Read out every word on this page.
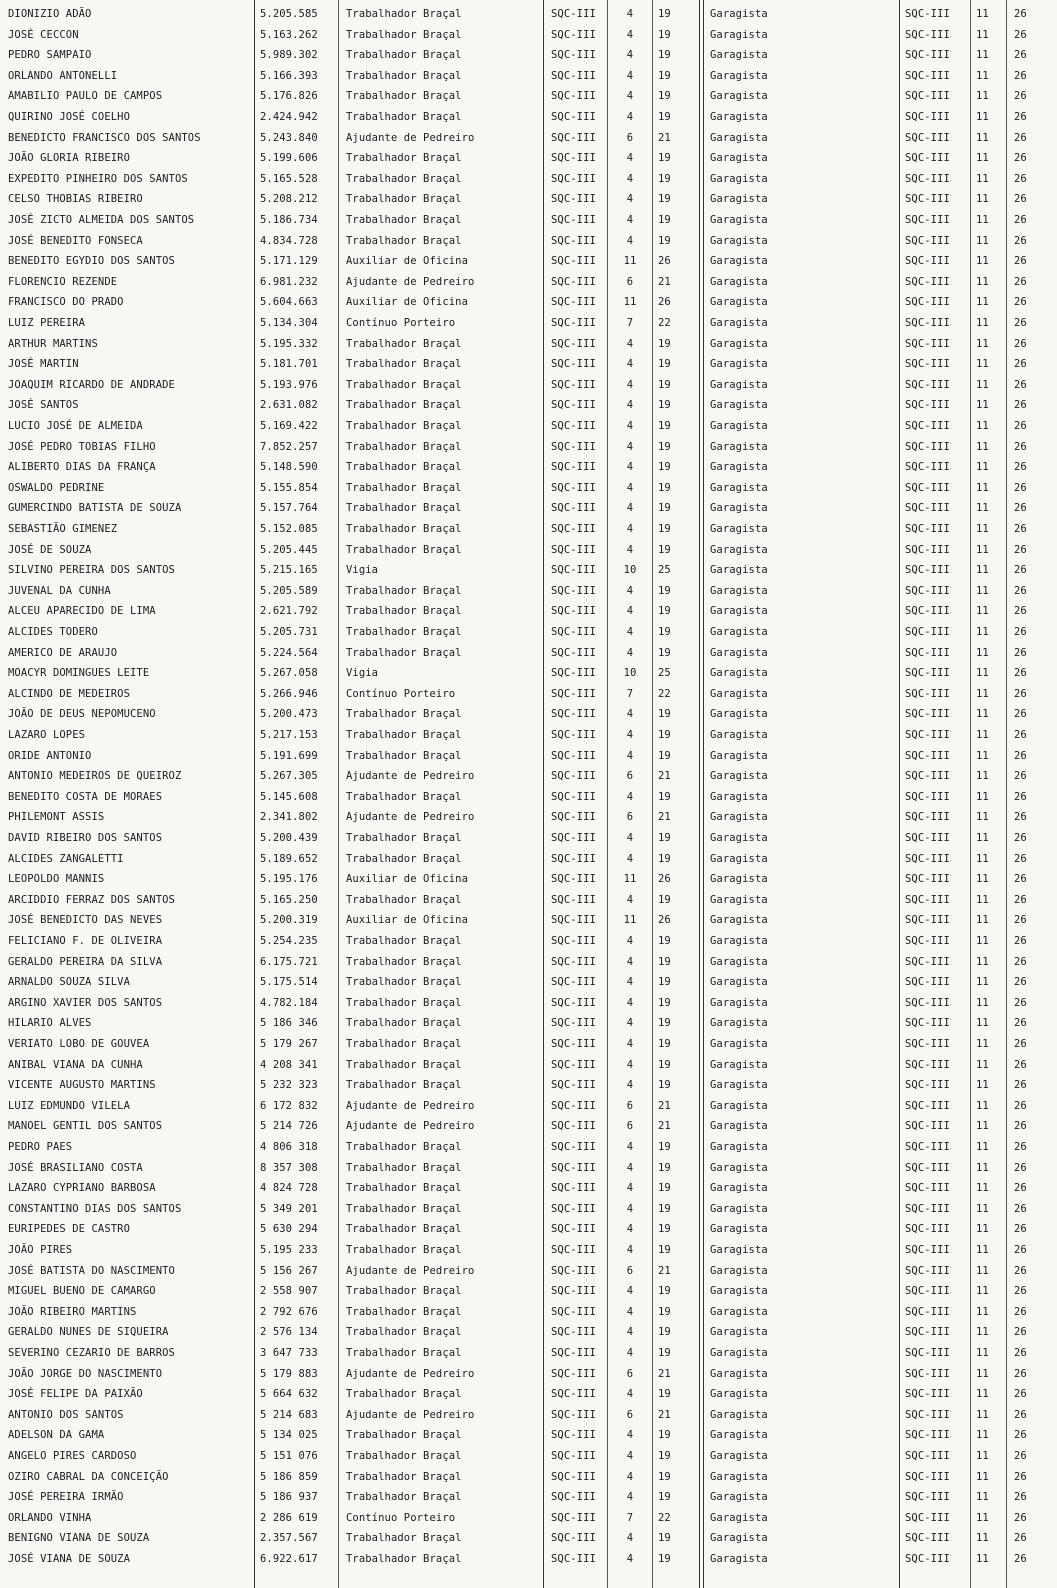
DIONIZIO ADÃO	5.205.585	Trabalhador Braçal	SQC-III	4	19	Garagista	SQC-III	11	26
JOSÉ CECCON	5.163.262	Trabalhador Braçal	SQC-III	4	19	Garagista	SQC-III	11	26
PEDRO SAMPAIO	5.989.302	Trabalhador Braçal	SQC-III	4	19	Garagista	SQC-III	11	26
ORLANDO ANTONELLI	5.166.393	Trabalhador Braçal	SQC-III	4	19	Garagista	SQC-III	11	26
AMABILIO PAULO DE CAMPOS	5.176.826	Trabalhador Braçal	SQC-III	4	19	Garagista	SQC-III	11	26
QUIRINO JOSÉ COELHO	2.424.942	Trabalhador Braçal	SQC-III	4	19	Garagista	SQC-III	11	26
BENEDICTO FRANCISCO DOS SANTOS	5.243.840	Ajudante de Pedreiro	SQC-III	6	21	Garagista	SQC-III	11	26
JOÃO GLORIA RIBEIRO	5.199.606	Trabalhador Braçal	SQC-III	4	19	Garagista	SQC-III	11	26
EXPEDITO PINHEIRO DOS SANTOS	5.165.528	Trabalhador Braçal	SQC-III	4	19	Garagista	SQC-III	11	26
CELSO THOBIAS RIBEIRO	5.208.212	Trabalhador Braçal	SQC-III	4	19	Garagista	SQC-III	11	26
JOSÉ ZICTO ALMEIDA DOS SANTOS	5.186.734	Trabalhador Braçal	SQC-III	4	19	Garagista	SQC-III	11	26
JOSÉ BENEDITO FONSECA	4.834.728	Trabalhador Braçal	SQC-III	4	19	Garagista	SQC-III	11	26
BENEDITO EGYDIO DOS SANTOS	5.171.129	Auxiliar de Oficina	SQC-III	11	26	Garagista	SQC-III	11	26
FLORENCIO REZENDE	6.981.232	Ajudante de Pedreiro	SQC-III	6	21	Garagista	SQC-III	11	26
FRANCISCO DO PRADO	5.604.663	Auxiliar de Oficina	SQC-III	11	26	Garagista	SQC-III	11	26
LUIZ PEREIRA	5.134.304	Contínuo Porteiro	SQC-III	7	22	Garagista	SQC-III	11	26
ARTHUR MARTINS	5.195.332	Trabalhador Braçal	SQC-III	4	19	Garagista	SQC-III	11	26
JOSÉ MARTIN	5.181.701	Trabalhador Braçal	SQC-III	4	19	Garagista	SQC-III	11	26
JOAQUIM RICARDO DE ANDRADE	5.193.976	Trabalhador Braçal	SQC-III	4	19	Garagista	SQC-III	11	26
JOSÉ SANTOS	2.631.082	Trabalhador Braçal	SQC-III	4	19	Garagista	SQC-III	11	26
LUCIO JOSÉ DE ALMEIDA	5.169.422	Trabalhador Braçal	SQC-III	4	19	Garagista	SQC-III	11	26
JOSÉ PEDRO TOBIAS FILHO	7.852.257	Trabalhador Braçal	SQC-III	4	19	Garagista	SQC-III	11	26
ALIBERTO DIAS DA FRANÇA	5.148.590	Trabalhador Braçal	SQC-III	4	19	Garagista	SQC-III	11	26
OSWALDO PEDRINE	5.155.854	Trabalhador Braçal	SQC-III	4	19	Garagista	SQC-III	11	26
GUMERCINDO BATISTA DE SOUZA	5.157.764	Trabalhador Braçal	SQC-III	4	19	Garagista	SQC-III	11	26
SEBASTIÃO GIMENEZ	5.152.085	Trabalhador Braçal	SQC-III	4	19	Garagista	SQC-III	11	26
JOSÉ DE SOUZA	5.205.445	Trabalhador Braçal	SQC-III	4	19	Garagista	SQC-III	11	26
SILVINO PEREIRA DOS SANTOS	5.215.165	Vigia	SQC-III	10	25	Garagista	SQC-III	11	26
JUVENAL DA CUNHA	5.205.589	Trabalhador Braçal	SQC-III	4	19	Garagista	SQC-III	11	26
ALCEU APARECIDO DE LIMA	2.621.792	Trabalhador Braçal	SQC-III	4	19	Garagista	SQC-III	11	26
ALCIDES TODERO	5.205.731	Trabalhador Braçal	SQC-III	4	19	Garagista	SQC-III	11	26
AMERICO DE ARAUJO	5.224.564	Trabalhador Braçal	SQC-III	4	19	Garagista	SQC-III	11	26
MOACYR DOMINGUES LEITE	5.267.058	Vigia	SQC-III	10	25	Garagista	SQC-III	11	26
ALCINDO DE MEDEIROS	5.266.946	Contínuo Porteiro	SQC-III	7	22	Garagista	SQC-III	11	26
JOÃO DE DEUS NEPOMUCENO	5.200.473	Trabalhador Braçal	SQC-III	4	19	Garagista	SQC-III	11	26
LAZARO LOPES	5.217.153	Trabalhador Braçal	SQC-III	4	19	Garagista	SQC-III	11	26
ORIDE ANTONIO	5.191.699	Trabalhador Braçal	SQC-III	4	19	Garagista	SQC-III	11	26
ANTONIO MEDEIROS DE QUEIROZ	5.267.305	Ajudante de Pedreiro	SQC-III	6	21	Garagista	SQC-III	11	26
BENEDITO COSTA DE MORAES	5.145.608	Trabalhador Braçal	SQC-III	4	19	Garagista	SQC-III	11	26
PHILEMONT ASSIS	2.341.802	Ajudante de Pedreiro	SQC-III	6	21	Garagista	SQC-III	11	26
DAVID RIBEIRO DOS SANTOS	5.200.439	Trabalhador Braçal	SQC-III	4	19	Garagista	SQC-III	11	26
ALCIDES ZANGALETTI	5.189.652	Trabalhador Braçal	SQC-III	4	19	Garagista	SQC-III	11	26
LEOPOLDO MANNIS	5.195.176	Auxiliar de Oficina	SQC-III	11	26	Garagista	SQC-III	11	26
ARCIDDIO FERRAZ DOS SANTOS	5.165.250	Trabalhador Braçal	SQC-III	4	19	Garagista	SQC-III	11	26
JOSÉ BENEDICTO DAS NEVES	5.200.319	Auxiliar de Oficina	SQC-III	11	26	Garagista	SQC-III	11	26
FELICIANO F. DE OLIVEIRA	5.254.235	Trabalhador Braçal	SQC-III	4	19	Garagista	SQC-III	11	26
GERALDO PEREIRA DA SILVA	6.175.721	Trabalhador Braçal	SQC-III	4	19	Garagista	SQC-III	11	26
ARNALDO SOUZA SILVA	5.175.514	Trabalhador Braçal	SQC-III	4	19	Garagista	SQC-III	11	26
ARGINO XAVIER DOS SANTOS	4.782.184	Trabalhador Braçal	SQC-III	4	19	Garagista	SQC-III	11	26
HILARIO ALVES	5 186 346	Trabalhador Braçal	SQC-III	4	19	Garagista	SQC-III	11	26
VERIATO LOBO DE GOUVEA	5 179 267	Trabalhador Braçal	SQC-III	4	19	Garagista	SQC-III	11	26
ANIBAL VIANA DA CUNHA	4 208 341	Trabalhador Braçal	SQC-III	4	19	Garagista	SQC-III	11	26
VICENTE AUGUSTO MARTINS	5 232 323	Trabalhador Braçal	SQC-III	4	19	Garagista	SQC-III	11	26
LUIZ EDMUNDO VILELA	6 172 832	Ajudante de Pedreiro	SQC-III	6	21	Garagista	SQC-III	11	26
MANOEL GENTIL DOS SANTOS	5 214 726	Ajudante de Pedreiro	SQC-III	6	21	Garagista	SQC-III	11	26
PEDRO PAES	4 806 318	Trabalhador Braçal	SQC-III	4	19	Garagista	SQC-III	11	26
JOSÉ BRASILIANO COSTA	8 357 308	Trabalhador Braçal	SQC-III	4	19	Garagista	SQC-III	11	26
LAZARO CYPRIANO BARBOSA	4 824 728	Trabalhador Braçal	SQC-III	4	19	Garagista	SQC-III	11	26
CONSTANTINO DIAS DOS SANTOS	5 349 201	Trabalhador Braçal	SQC-III	4	19	Garagista	SQC-III	11	26
EURIPEDES DE CASTRO	5 630 294	Trabalhador Braçal	SQC-III	4	19	Garagista	SQC-III	11	26
JOÃO PIRES	5.195 233	Trabalhador Braçal	SQC-III	4	19	Garagista	SQC-III	11	26
JOSÉ BATISTA DO NASCIMENTO	5 156 267	Ajudante de Pedreiro	SQC-III	6	21	Garagista	SQC-III	11	26
MIGUEL BUENO DE CAMARGO	2 558 907	Trabalhador Braçal	SQC-III	4	19	Garagista	SQC-III	11	26
JOÃO RIBEIRO MARTINS	2 792 676	Trabalhador Braçal	SQC-III	4	19	Garagista	SQC-III	11	26
GERALDO NUNES DE SIQUEIRA	2 576 134	Trabalhador Braçal	SQC-III	4	19	Garagista	SQC-III	11	26
SEVERINO CEZARIO DE BARROS	3 647 733	Trabalhador Braçal	SQC-III	4	19	Garagista	SQC-III	11	26
JOÃO JORGE DO NASCIMENTO	5 179 883	Ajudante de Pedreiro	SQC-III	6	21	Garagista	SQC-III	11	26
JOSÉ FELIPE DA PAIXÃO	5 664 632	Trabalhador Braçal	SQC-III	4	19	Garagista	SQC-III	11	26
ANTONIO DOS SANTOS	5 214 683	Ajudante de Pedreiro	SQC-III	6	21	Garagista	SQC-III	11	26
ADELSON DA GAMA	5 134 025	Trabalhador Braçal	SQC-III	4	19	Garagista	SQC-III	11	26
ANGELO PIRES CARDOSO	5 151 076	Trabalhador Braçal	SQC-III	4	19	Garagista	SQC-III	11	26
OZIRO CABRAL DA CONCEIÇÃO	5 186 859	Trabalhador Braçal	SQC-III	4	19	Garagista	SQC-III	11	26
JOSÉ PEREIRA IRMÃO	5 186 937	Trabalhador Braçal	SQC-III	4	19	Garagista	SQC-III	11	26
ORLANDO VINHA	2 286 619	Contínuo Porteiro	SQC-III	7	22	Garagista	SQC-III	11	26
BENIGNO VIANA DE SOUZA	2.357.567	Trabalhador Braçal	SQC-III	4	19	Garagista	SQC-III	11	26
JOSÉ VIANA DE SOUZA	6.922.617	Trabalhador Braçal	SQC-III	4	19	Garagista	SQC-III	11	26
